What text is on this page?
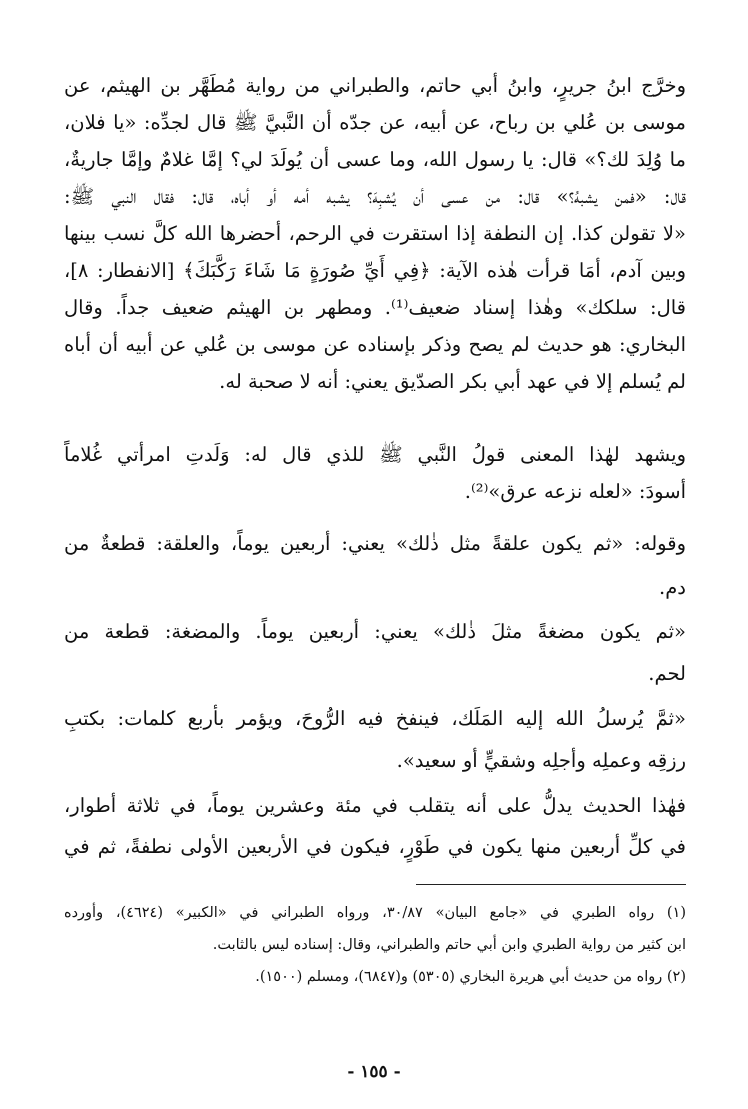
وخرَّج ابنُ جريرٍ، وابنُ أبي حاتم، والطبراني من رواية مُطَهَّر بن الهيثم، عن
موسى بن عُلي بن رباح، عن أبيه، عن جدّه أن النَّبيَّ ﷺ قال لجدِّه: «يا فلان،
ما وُلِدَ لك؟» قال: يا رسول الله، وما عسى أن يُولَدَ لي؟ إمَّا غلامٌ وإمَّا جاريةٌ،
قال: «فمن يشبهُ؟» قال: من عسى أن يُشبِهَ؟ يشبه أمه أو أباه، قال: فقال النبي ﷺ:
«لا تقولن كذا. إن النطفة إذا استقرت في الرحم، أحضرها الله كلَّ نسب بينها
وبين آدم، أمَا قرأت هٰذه الآية: ﴿فِي أَيِّ صُورَةٍ مَا شَاءَ رَكَّبَكَ﴾ [الانفطار: ٨]،
قال: سلكك» وهٰذا إسناد ضعيف⁽¹⁾. ومطهر بن الهيثم ضعيف جداً. وقال
البخاري: هو حديث لم يصح وذكر بإسناده عن موسى بن عُلي عن أبيه أن أباه
لم يُسلم إلا في عهد أبي بكر الصدّيق يعني: أنه لا صحبة له.
ويشهد لهٰذا المعنى قولُ النَّبي ﷺ للذي قال له: وَلَدتِ امرأتي غُلاماً
أسودَ: «لعله نزعه عرق»⁽²⁾.
وقوله: «ثم يكون علقةً مثل ذٰلك» يعني: أربعين يوماً، والعلقة: قطعةٌ من
دم.
«ثم يكون مضغةً مثلَ ذٰلك» يعني: أربعين يوماً. والمضغة: قطعة من
لحم.
«ثمَّ يُرسلُ الله إليه المَلَك، فينفخ فيه الرُّوحَ، ويؤمر بأربع كلمات: بكتبِ
رزقِه وعملِه وأجلِه وشقيٍّ أو سعيد».
فهٰذا الحديث يدلُّ على أنه يتقلب في مئة وعشرين يوماً، في ثلاثة أطوار،
في كلِّ أربعين منها يكون في طَوْرٍ، فيكون في الأربعين الأولى نطفةً، ثم في
(١) رواه الطبري في «جامع البيان» ٣٠/٨٧، ورواه الطبراني في «الكبير» (٤٦٢٤)، وأورده
ابن كثير من رواية الطبري وابن أبي حاتم والطبراني، وقال: إسناده ليس بالثابت.
(٢) رواه من حديث أبي هريرة البخاري (٥٣٠٥) و(٦٨٤٧)، ومسلم (١٥٠٠).
- ١٥٥ -
